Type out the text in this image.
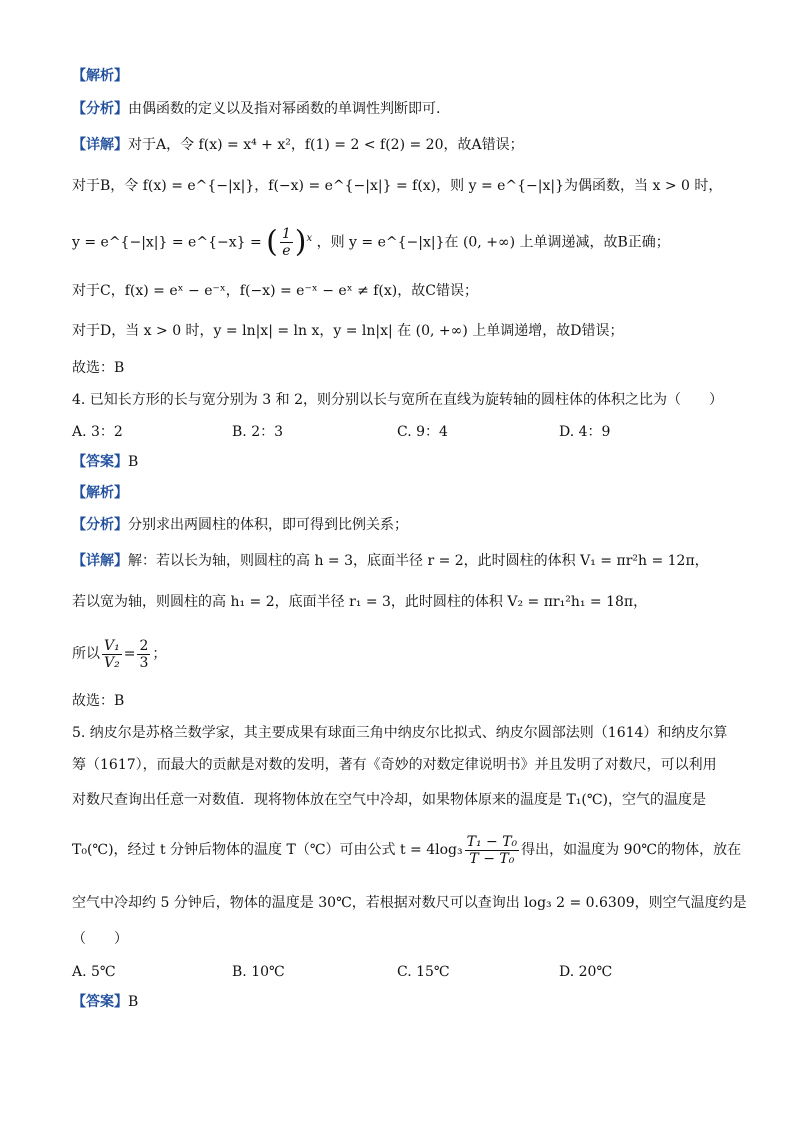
【解析】
【分析】由偶函数的定义以及指对幂函数的单调性判断即可.
【详解】对于A，令 f(x) = x⁴ + x²，f(1) = 2 < f(2) = 20，故A错误；
对于B，令 f(x) = e^{−|x|}，f(−x) = e^{−|x|} = f(x)，则 y = e^{−|x|}为偶函数，当 x > 0 时，
y = e^{−|x|} = e^{−x} = ( $\frac{1}{e} )^x$ ，则 y = e^{−|x|}在 (0, +∞) 上单调递减，故B正确；
对于C，f(x) = eˣ − e⁻ˣ，f(−x) = e⁻ˣ − eˣ ≠ f(x)，故C错误；
对于D，当 x > 0 时，y = ln|x| = ln x，y = ln|x| 在 (0, +∞) 上单调递增，故D错误；
故选：B
4. 已知长方形的长与宽分别为 3 和 2，则分别以长与宽所在直线为旋转轴的圆柱体的体积之比为（　　）
A. 3：2	B. 2：3	C. 9：4	D. 4：9
【答案】B
【解析】
【分析】分别求出两圆柱的体积，即可得到比例关系；
【详解】解：若以长为轴，则圆柱的高 h = 3，底面半径 r = 2，此时圆柱的体积 V₁ = πr²h = 12π，
若以宽为轴，则圆柱的高 h₁ = 2，底面半径 r₁ = 3，此时圆柱的体积 V₂ = πr₁²h₁ = 18π，
所以 $\frac{\text{V₁}}{\text{V₂}} = \frac{2}{3}$ ；
故选：B
5. 纳皮尔是苏格兰数学家，其主要成果有球面三角中纳皮尔比拟式、纳皮尔圆部法则（1614）和纳皮尔算
筹（1617），而最大的贡献是对数的发明，著有《奇妙的对数定律说明书》并且发明了对数尺，可以利用
对数尺查询出任意一对数值．现将物体放在空气中冷却，如果物体原来的温度是 T₁(℃)，空气的温度是
T₀(℃)，经过 t 分钟后物体的温度 T（℃）可由公式 $t = 4\log_3 \frac{\text{T₁ − T₀}}{\text{T − T₀}}$ 得出，如温度为 90℃的物体，放在
空气中冷却约 5 分钟后，物体的温度是 30℃，若根据对数尺可以查询出 log₃ 2 = 0.6309，则空气温度约是
（　　）
A. 5℃	B. 10℃	C. 15℃	D. 20℃
【答案】B
